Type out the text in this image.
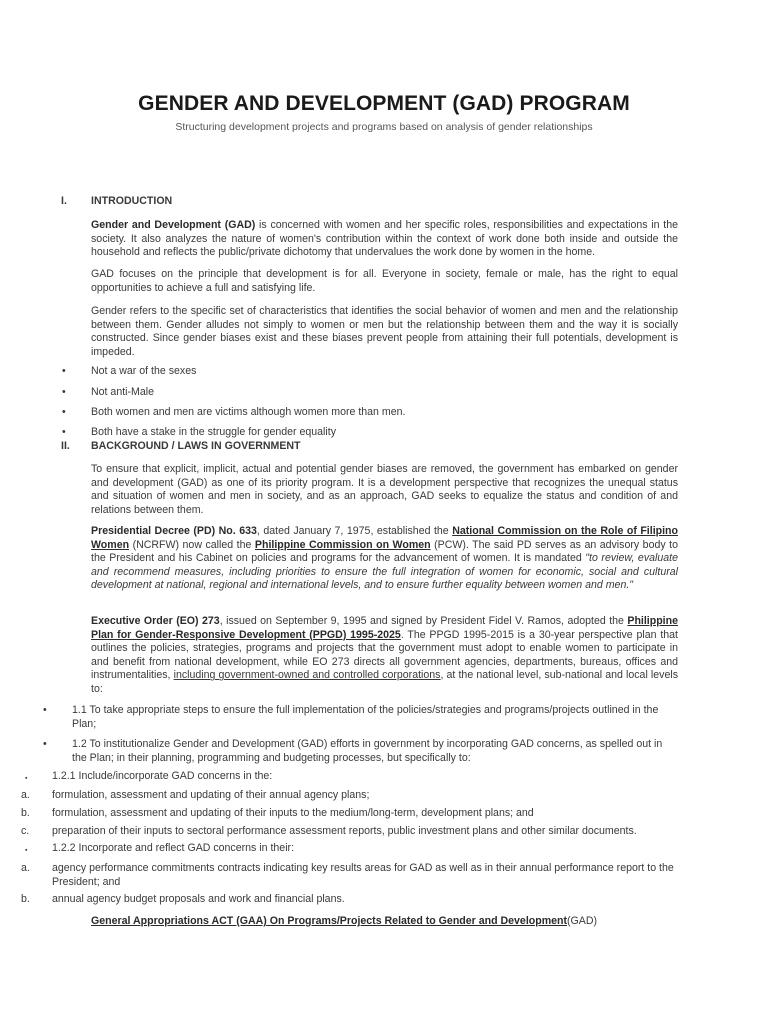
GENDER AND DEVELOPMENT (GAD) PROGRAM
Structuring development projects and programs based on analysis of gender relationships
I. INTRODUCTION
Gender and Development (GAD) is concerned with women and her specific roles, responsibilities and expectations in the society. It also analyzes the nature of women's contribution within the context of work done both inside and outside the household and reflects the public/private dichotomy that undervalues the work done by women in the home.
GAD focuses on the principle that development is for all. Everyone in society, female or male, has the right to equal opportunities to achieve a full and satisfying life.
Gender refers to the specific set of characteristics that identifies the social behavior of women and men and the relationship between them. Gender alludes not simply to women or men but the relationship between them and the way it is socially constructed. Since gender biases exist and these biases prevent people from attaining their full potentials, development is impeded.
• Not a war of the sexes
• Not anti-Male
• Both women and men are victims although women more than men.
• Both have a stake in the struggle for gender equality
II. BACKGROUND / LAWS IN GOVERNMENT
To ensure that explicit, implicit, actual and potential gender biases are removed, the government has embarked on gender and development (GAD) as one of its priority program. It is a development perspective that recognizes the unequal status and situation of women and men in society, and as an approach, GAD seeks to equalize the status and condition of and relations between them.
Presidential Decree (PD) No. 633, dated January 7, 1975, established the National Commission on the Role of Filipino Women (NCRFW) now called the Philippine Commission on Women (PCW). The said PD serves as an advisory body to the President and his Cabinet on policies and programs for the advancement of women. It is mandated "to review, evaluate and recommend measures, including priorities to ensure the full integration of women for economic, social and cultural development at national, regional and international levels, and to ensure further equality between women and men."
Executive Order (EO) 273, issued on September 9, 1995 and signed by President Fidel V. Ramos, adopted the Philippine Plan for Gender-Responsive Development (PPGD) 1995-2025. The PPGD 1995-2015 is a 30-year perspective plan that outlines the policies, strategies, programs and projects that the government must adopt to enable women to participate in and benefit from national development, while EO 273 directs all government agencies, departments, bureaus, offices and instrumentalities, including government-owned and controlled corporations, at the national level, sub-national and local levels to:
• 1.1 To take appropriate steps to ensure the full implementation of the policies/strategies and programs/projects outlined in the Plan;
• 1.2 To institutionalize Gender and Development (GAD) efforts in government by incorporating GAD concerns, as spelled out in the Plan; in their planning, programming and budgeting processes, but specifically to:
▪ 1.2.1 Include/incorporate GAD concerns in the:
a. formulation, assessment and updating of their annual agency plans;
b. formulation, assessment and updating of their inputs to the medium/long-term, development plans; and
c. preparation of their inputs to sectoral performance assessment reports, public investment plans and other similar documents.
▪ 1.2.2 Incorporate and reflect GAD concerns in their:
a. agency performance commitments contracts indicating key results areas for GAD as well as in their annual performance report to the President; and
b. annual agency budget proposals and work and financial plans.
General Appropriations ACT (GAA) On Programs/Projects Related to Gender and Development(GAD)
